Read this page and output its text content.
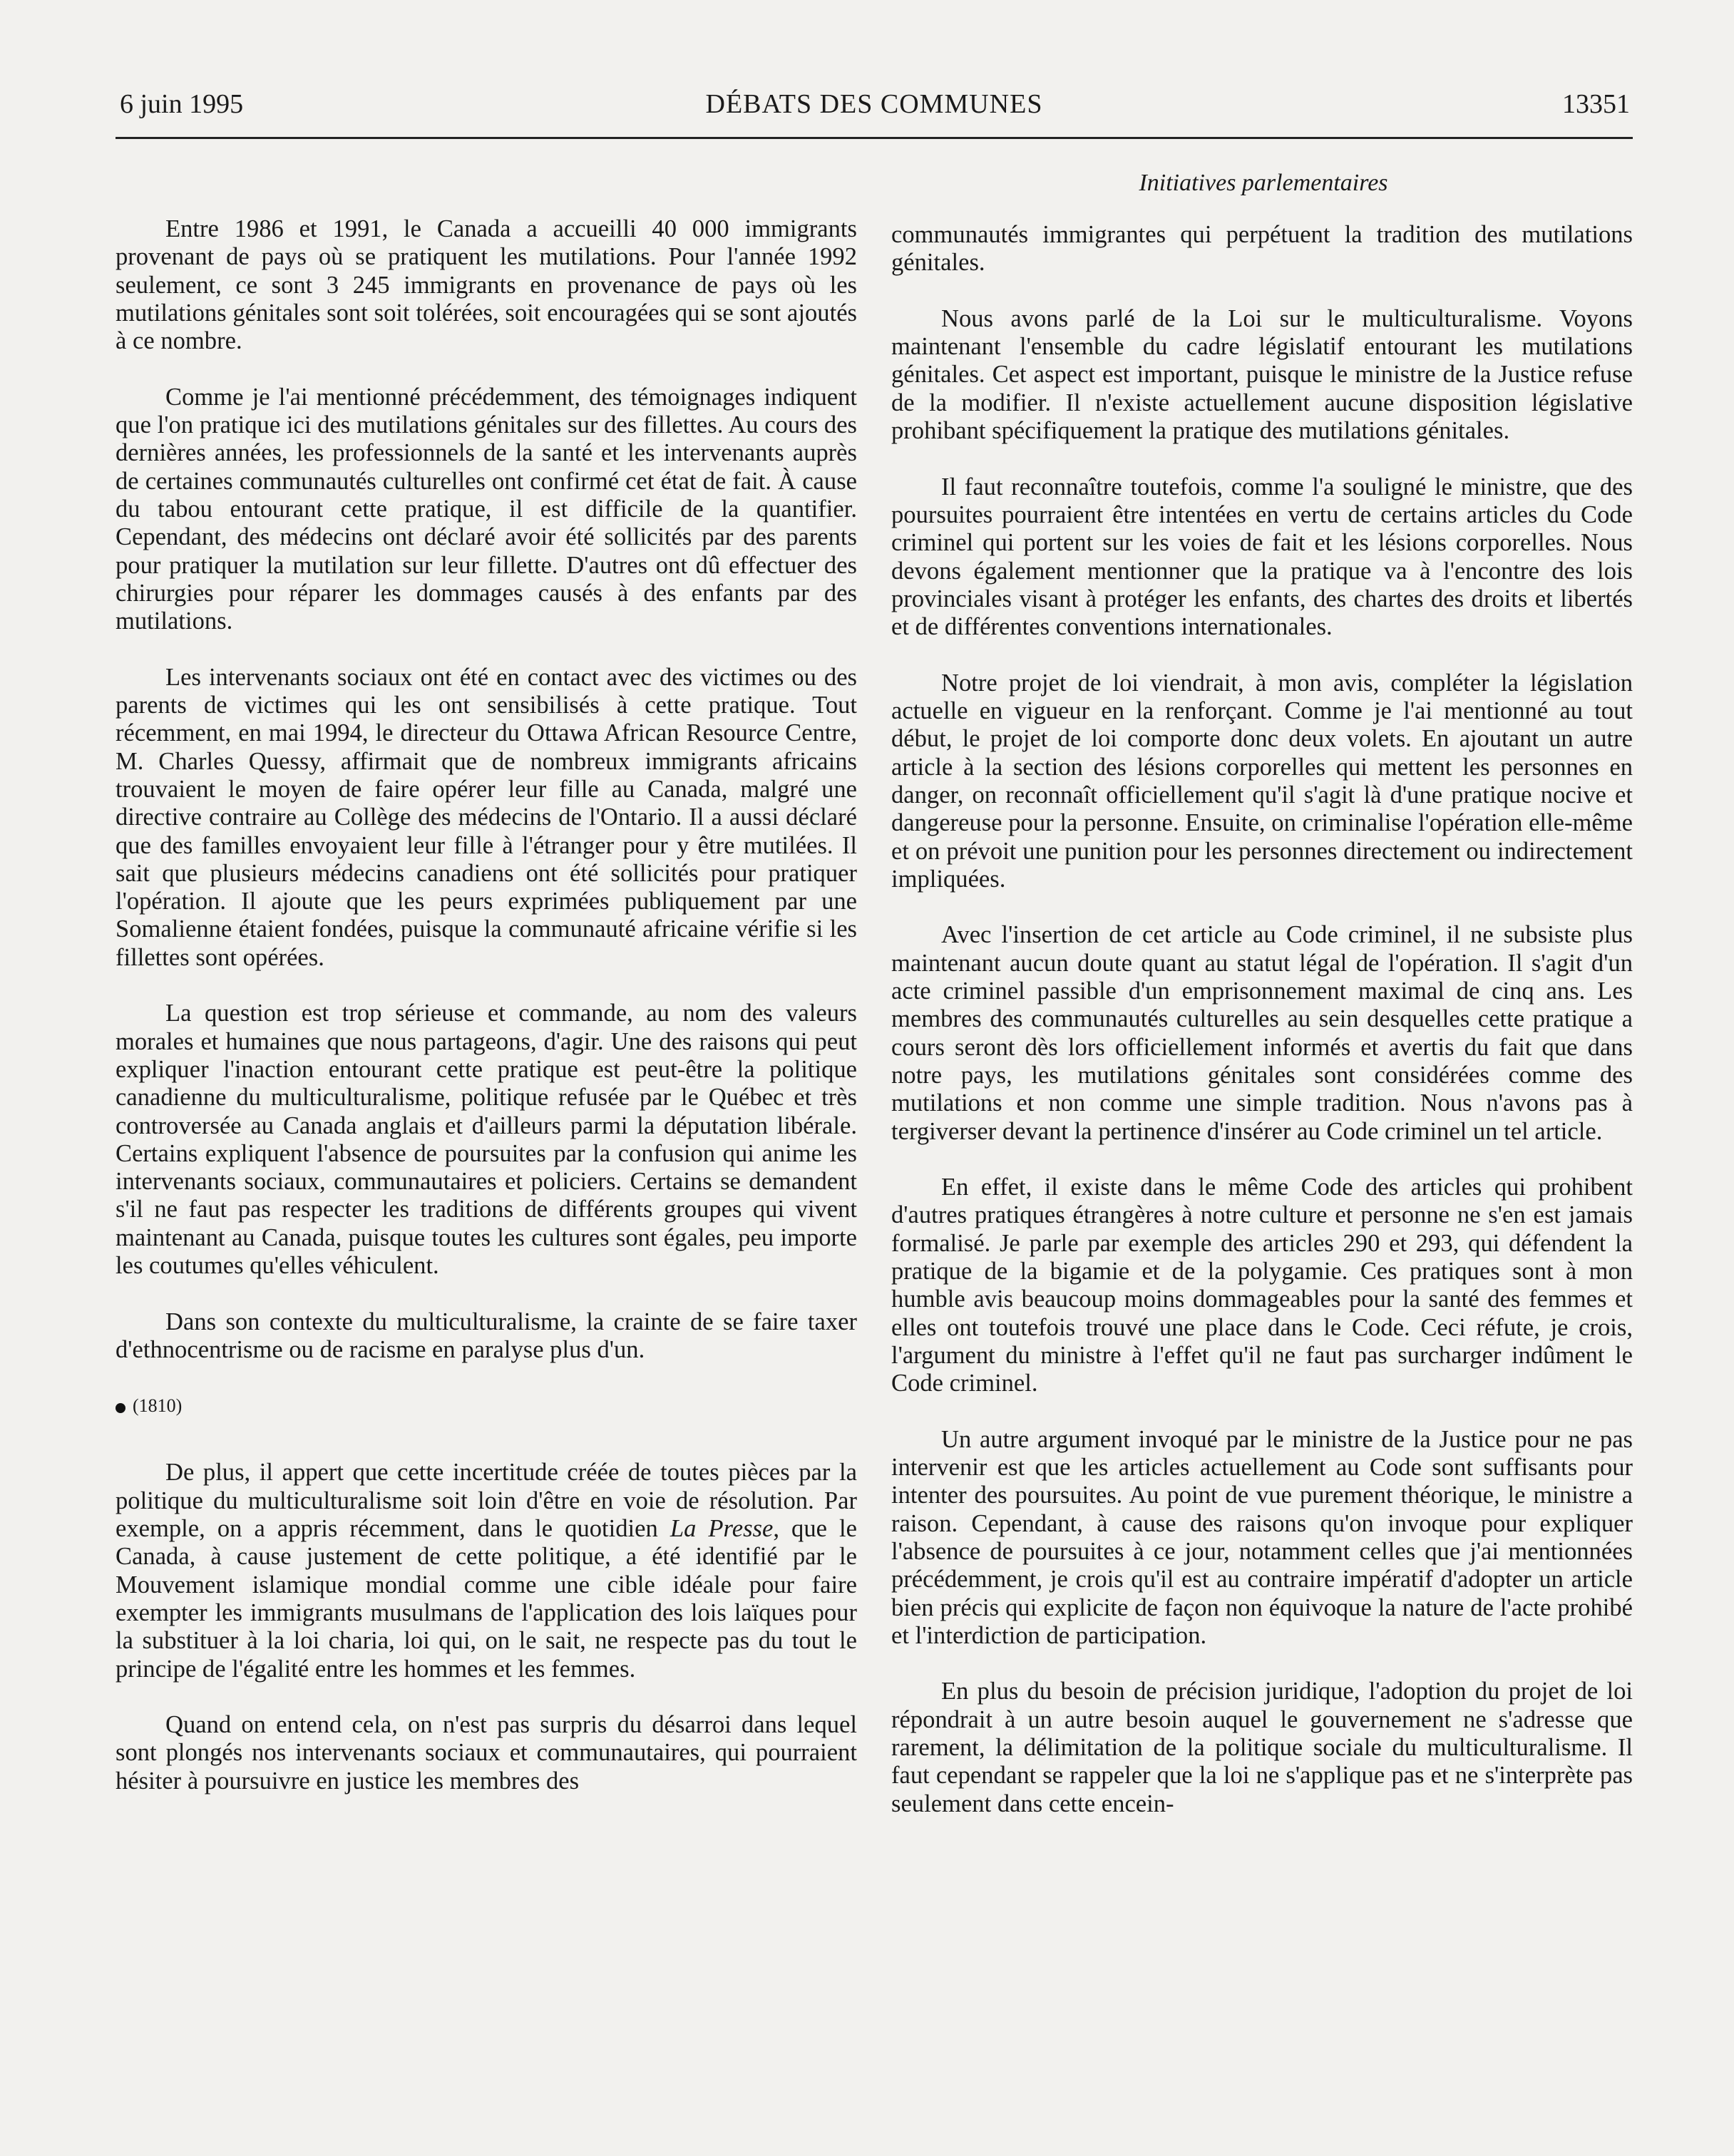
6 juin 1995	DÉBATS DES COMMUNES	13351
Initiatives parlementaires

Entre 1986 et 1991, le Canada a accueilli 40 000 immigrants provenant de pays où se pratiquent les mutilations. Pour l'année 1992 seulement, ce sont 3 245 immigrants en provenance de pays où les mutilations génitales sont soit tolérées, soit encouragées qui se sont ajoutés à ce nombre.

Comme je l'ai mentionné précédemment, des témoignages indiquent que l'on pratique ici des mutilations génitales sur des fillettes. Au cours des dernières années, les professionnels de la santé et les intervenants auprès de certaines communautés culturelles ont confirmé cet état de fait. À cause du tabou entourant cette pratique, il est difficile de la quantifier. Cependant, des médecins ont déclaré avoir été sollicités par des parents pour pratiquer la mutilation sur leur fillette. D'autres ont dû effectuer des chirurgies pour réparer les dommages causés à des enfants par des mutilations.

Les intervenants sociaux ont été en contact avec des victimes ou des parents de victimes qui les ont sensibilisés à cette pratique. Tout récemment, en mai 1994, le directeur du Ottawa African Resource Centre, M. Charles Quessy, affirmait que de nombreux immigrants africains trouvaient le moyen de faire opérer leur fille au Canada, malgré une directive contraire au Collège des médecins de l'Ontario. Il a aussi déclaré que des familles envoyaient leur fille à l'étranger pour y être mutilées. Il sait que plusieurs médecins canadiens ont été sollicités pour pratiquer l'opération. Il ajoute que les peurs exprimées publiquement par une Somalienne étaient fondées, puisque la communauté africaine vérifie si les fillettes sont opérées.

La question est trop sérieuse et commande, au nom des valeurs morales et humaines que nous partageons, d'agir. Une des raisons qui peut expliquer l'inaction entourant cette pratique est peut-être la politique canadienne du multiculturalisme, politique refusée par le Québec et très controversée au Canada anglais et d'ailleurs parmi la députation libérale. Certains expliquent l'absence de poursuites par la confusion qui anime les intervenants sociaux, communautaires et policiers. Certains se demandent s'il ne faut pas respecter les traditions de différents groupes qui vivent maintenant au Canada, puisque toutes les cultures sont égales, peu importe les coutumes qu'elles véhiculent.

Dans son contexte du multiculturalisme, la crainte de se faire taxer d'ethnocentrisme ou de racisme en paralyse plus d'un.

(1810)

De plus, il appert que cette incertitude créée de toutes pièces par la politique du multiculturalisme soit loin d'être en voie de résolution. Par exemple, on a appris récemment, dans le quotidien La Presse, que le Canada, à cause justement de cette politique, a été identifié par le Mouvement islamique mondial comme une cible idéale pour faire exempter les immigrants musulmans de l'application des lois laïques pour la substituer à la loi charia, loi qui, on le sait, ne respecte pas du tout le principe de l'égalité entre les hommes et les femmes.

Quand on entend cela, on n'est pas surpris du désarroi dans lequel sont plongés nos intervenants sociaux et communautaires, qui pourraient hésiter à poursuivre en justice les membres des

communautés immigrantes qui perpétuent la tradition des mutilations génitales.

Nous avons parlé de la Loi sur le multiculturalisme. Voyons maintenant l'ensemble du cadre législatif entourant les mutilations génitales. Cet aspect est important, puisque le ministre de la Justice refuse de la modifier. Il n'existe actuellement aucune disposition législative prohibant spécifiquement la pratique des mutilations génitales.

Il faut reconnaître toutefois, comme l'a souligné le ministre, que des poursuites pourraient être intentées en vertu de certains articles du Code criminel qui portent sur les voies de fait et les lésions corporelles. Nous devons également mentionner que la pratique va à l'encontre des lois provinciales visant à protéger les enfants, des chartes des droits et libertés et de différentes conventions internationales.

Notre projet de loi viendrait, à mon avis, compléter la législation actuelle en vigueur en la renforçant. Comme je l'ai mentionné au tout début, le projet de loi comporte donc deux volets. En ajoutant un autre article à la section des lésions corporelles qui mettent les personnes en danger, on reconnaît officiellement qu'il s'agit là d'une pratique nocive et dangereuse pour la personne. Ensuite, on criminalise l'opération elle-même et on prévoit une punition pour les personnes directement ou indirectement impliquées.

Avec l'insertion de cet article au Code criminel, il ne subsiste plus maintenant aucun doute quant au statut légal de l'opération. Il s'agit d'un acte criminel passible d'un emprisonnement maximal de cinq ans. Les membres des communautés culturelles au sein desquelles cette pratique a cours seront dès lors officiellement informés et avertis du fait que dans notre pays, les mutilations génitales sont considérées comme des mutilations et non comme une simple tradition. Nous n'avons pas à tergiverser devant la pertinence d'insérer au Code criminel un tel article.

En effet, il existe dans le même Code des articles qui prohibent d'autres pratiques étrangères à notre culture et personne ne s'en est jamais formalisé. Je parle par exemple des articles 290 et 293, qui défendent la pratique de la bigamie et de la polygamie. Ces pratiques sont à mon humble avis beaucoup moins dommageables pour la santé des femmes et elles ont toutefois trouvé une place dans le Code. Ceci réfute, je crois, l'argument du ministre à l'effet qu'il ne faut pas surcharger indûment le Code criminel.

Un autre argument invoqué par le ministre de la Justice pour ne pas intervenir est que les articles actuellement au Code sont suffisants pour intenter des poursuites. Au point de vue purement théorique, le ministre a raison. Cependant, à cause des raisons qu'on invoque pour expliquer l'absence de poursuites à ce jour, notamment celles que j'ai mentionnées précédemment, je crois qu'il est au contraire impératif d'adopter un article bien précis qui explicite de façon non équivoque la nature de l'acte prohibé et l'interdiction de participation.

En plus du besoin de précision juridique, l'adoption du projet de loi répondrait à un autre besoin auquel le gouvernement ne s'adresse que rarement, la délimitation de la politique sociale du multiculturalisme. Il faut cependant se rappeler que la loi ne s'applique pas et ne s'interprète pas seulement dans cette encein-
